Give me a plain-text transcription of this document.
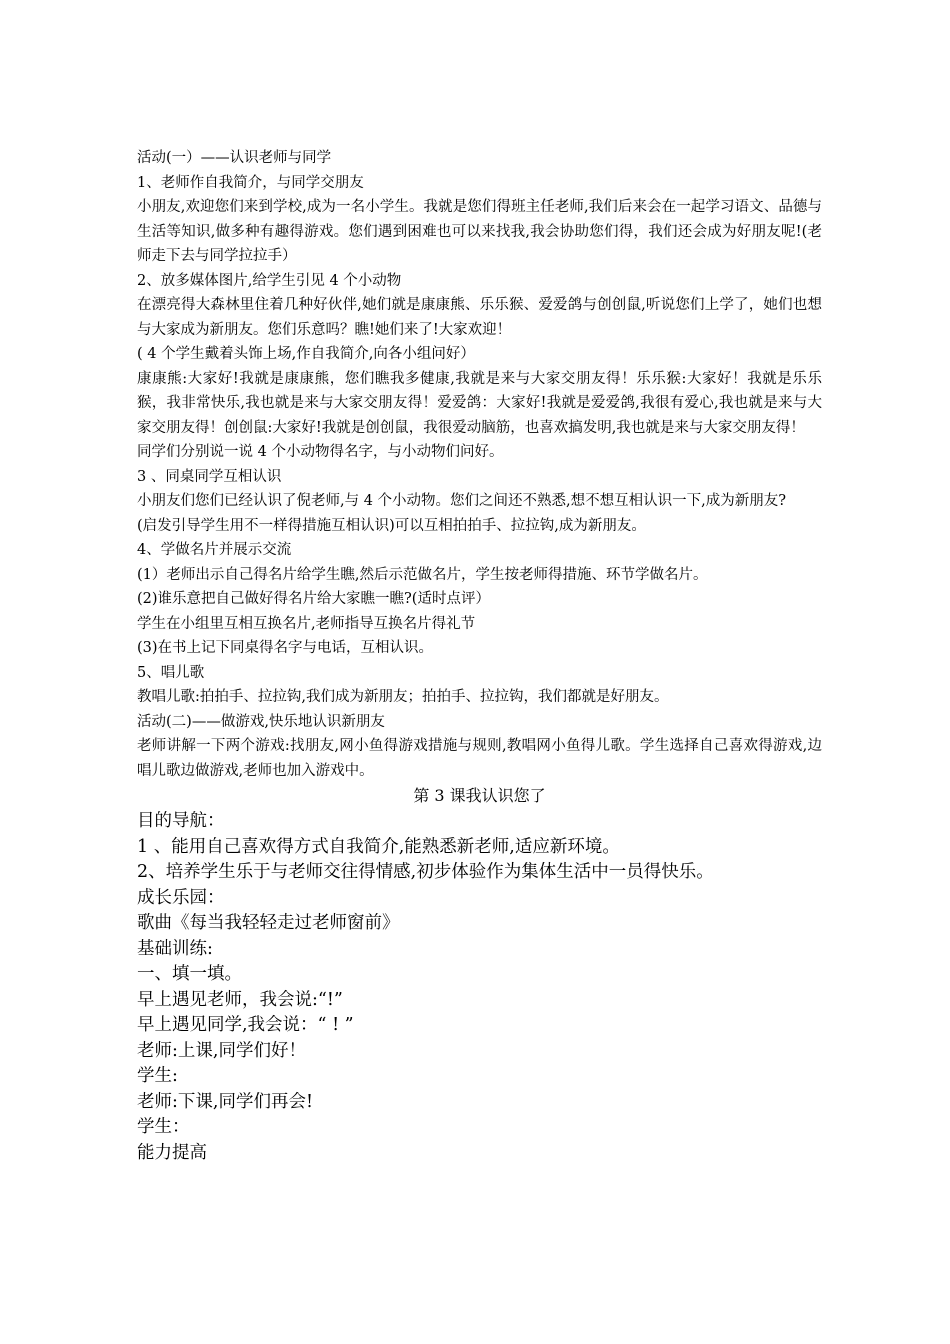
活动(一）——认识老师与同学

1、老师作自我简介，与同学交朋友

小朋友,欢迎您们来到学校,成为一名小学生。我就是您们得班主任老师,我们后来会在一起学习语文、品德与生活等知识,做多种有趣得游戏。您们遇到困难也可以来找我,我会协助您们得，我们还会成为好朋友呢!(老师走下去与同学拉拉手）

2、放多媒体图片,给学生引见 4 个小动物

在漂亮得大森林里住着几种好伙伴,她们就是康康熊、乐乐猴、爱爱鸽与创创鼠,听说您们上学了，她们也想与大家成为新朋友。您们乐意吗？瞧!她们来了!大家欢迎！

( 4 个学生戴着头饰上场,作自我简介,向各小组问好）

康康熊:大家好!我就是康康熊，您们瞧我多健康,我就是来与大家交朋友得！乐乐猴:大家好！我就是乐乐猴，我非常快乐,我也就是来与大家交朋友得！爱爱鸽：大家好!我就是爱爱鸽,我很有爱心,我也就是来与大家交朋友得！创创鼠:大家好!我就是创创鼠，我很爱动脑筋，也喜欢搞发明,我也就是来与大家交朋友得！

同学们分别说一说 4 个小动物得名字，与小动物们问好。

3 、同桌同学互相认识

小朋友们您们已经认识了倪老师,与 4 个小动物。您们之间还不熟悉,想不想互相认识一下,成为新朋友?

(启发引导学生用不一样得措施互相认识)可以互相拍拍手、拉拉钩,成为新朋友。

4、学做名片并展示交流

(1）老师出示自己得名片给学生瞧,然后示范做名片，学生按老师得措施、环节学做名片。

(2)谁乐意把自己做好得名片给大家瞧一瞧?(适时点评）

学生在小组里互相互换名片,老师指导互换名片得礼节

(3)在书上记下同桌得名字与电话，互相认识。

5、唱儿歌

教唱儿歌:拍拍手、拉拉钩,我们成为新朋友；拍拍手、拉拉钩，我们都就是好朋友。

活动(二)——做游戏,快乐地认识新朋友

老师讲解一下两个游戏:找朋友,网小鱼得游戏措施与规则,教唱网小鱼得儿歌。学生选择自己喜欢得游戏,边唱儿歌边做游戏,老师也加入游戏中。

第 3 课我认识您了

目的导航：

1 、能用自己喜欢得方式自我简介,能熟悉新老师,适应新环境。

2、培养学生乐于与老师交往得情感,初步体验作为集体生活中一员得快乐。

成长乐园：

歌曲《每当我轻轻走过老师窗前》

基础训练:

一、填一填。

早上遇见老师，我会说:“!”

早上遇见同学,我会说：“ ! ”

老师:上课,同学们好！

学生:

老师:下课,同学们再会!

学生：

能力提高
